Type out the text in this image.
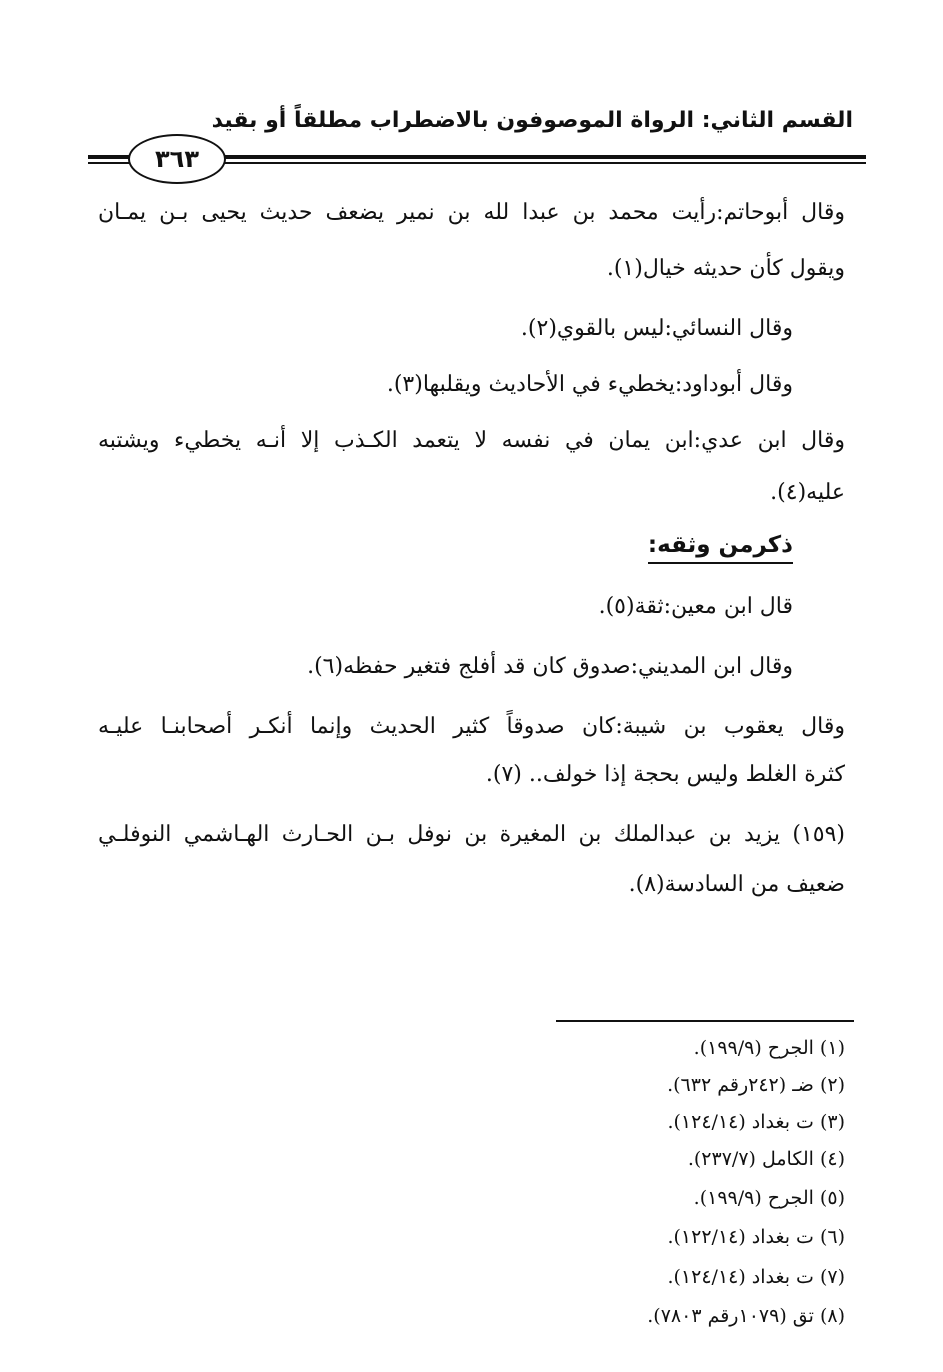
القسم الثاني: الرواة الموصوفون بالاضطراب مطلقاً أو بقيد
٣٦٣
وقال أبوحاتم:رأيت محمد بن عبدا لله بن نمير يضعف حديث يحيى بـن يمـان
ويقول كأن حديثه خيال(١).
وقال النسائي:ليس بالقوي(٢).
وقال أبوداود:يخطيء في الأحاديث ويقلبها(٣).
وقال ابن عدي:ابن يمان في نفسه لا يتعمد الكـذب إلا أنـه يخطيء ويشتبه
عليه(٤).
ذكرمن وثقه:
قال ابن معين:ثقة(٥).
وقال ابن المديني:صدوق كان قد أفلج فتغير حفظه(٦).
وقال يعقوب بن شيبة:كان صدوقاً كثير الحديث وإنما أنكـر أصحابنـا عليـه
كثرة الغلط وليس بحجة إذا خولف.. (٧).
(١٥٩) يزيد بن عبدالملك بن المغيرة بن نوفل بـن الحـارث الهـاشمي النوفلـي
ضعيف من السادسة(٨).
(١) الجرح (١٩٩/٩).
(٢) ضـ (٢٤٢رقم ٦٣٢).
(٣) ت بغداد (١٢٤/١٤).
(٤) الكامل (٢٣٧/٧).
(٥) الجرح (١٩٩/٩).
(٦) ت بغداد (١٢٢/١٤).
(٧) ت بغداد (١٢٤/١٤).
(٨) تق (١٠٧٩رقم ٧٨٠٣).
